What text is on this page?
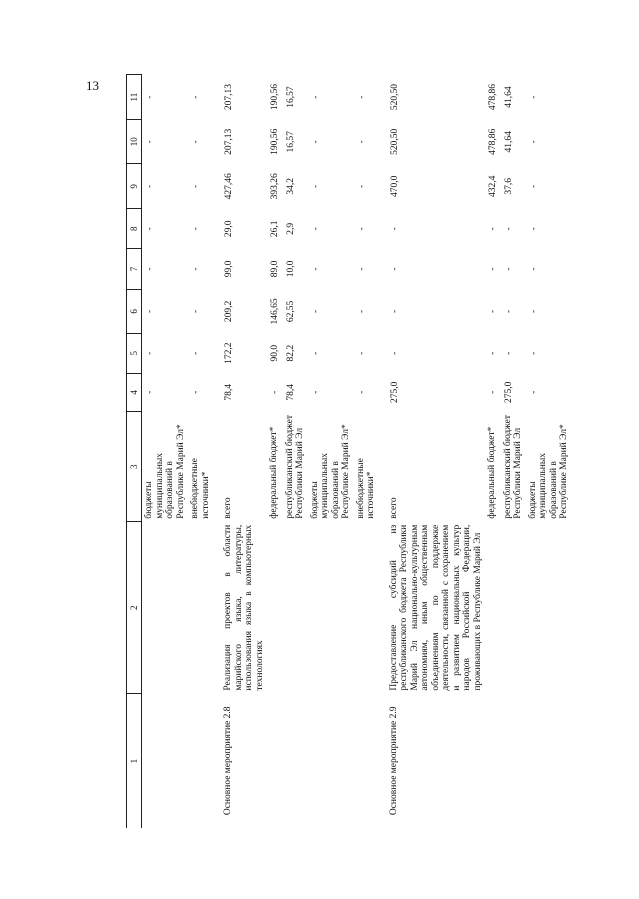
13
1	2	3	4	5	6	7	8	9	10	11
		бюджеты муниципальных образований в Республике Марий Эл*	-	-	-	-	-	-	-	-
		внебюджетные источники*	-	-	-	-	-	-	-	-

Основное мероприятие 2.8	Реализация проектов в области марийского языка, литературы, использования языка в компьютерных технологиях	всего	78,4	172,2	209,2	99,0	29,0	427,46	207,13	207,13
		федеральный бюджет*	-	90,0	146,65	89,0	26,1	393,26	190,56	190,56
		республиканский бюджет Республики Марий Эл	78,4	82,2	62,55	10,0	2,9	34,2	16,57	16,57
		бюджеты муниципальных образований в Республике Марий Эл*	-	-	-	-	-	-	-	-
		внебюджетные источники*	-	-	-	-	-	-	-	-

Основное мероприятие 2.9	Предоставление субсидий из республиканского бюджета Республики Марий Эл национально-культурным автономиям, иным общественным объединениям по поддержке деятельности, связанной с сохранением и развитием национальных культур народов Российской Федерации, проживающих в Республике Марий Эл	всего	275,0	-	-	-	-	470,0	520,50	520,50
		федеральный бюджет*	-	-	-	-	-	432,4	478,86	478,86
		республиканский бюджет Республики Марий Эл	275,0	-	-	-	-	37,6	41,64	41,64
		бюджеты муниципальных образований в Республике Марий Эл*	-	-	-	-	-	-	-	-
